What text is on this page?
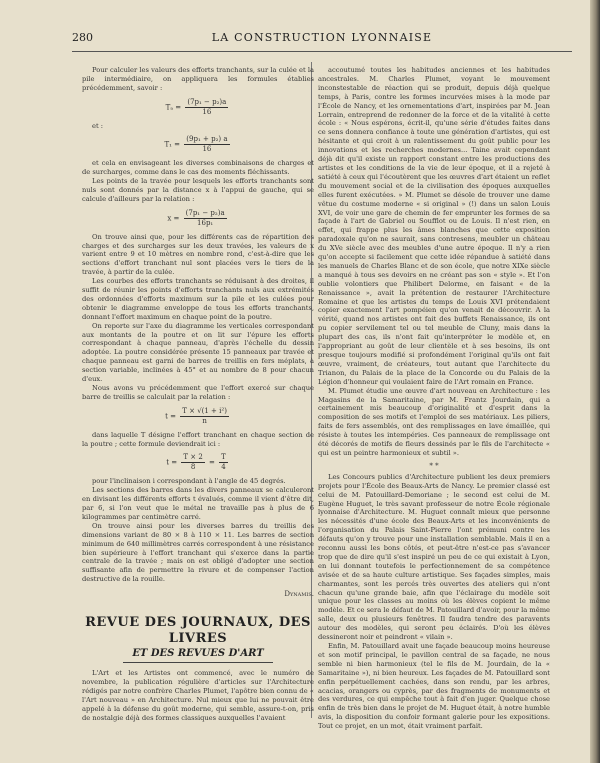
280	LA CONSTRUCTION LYONNAISE

Pour calculer les valeurs des efforts tranchants, sur la culée et la pile intermédiaire, on appliquera les formules établies précédemment, savoir :

$T_a = \frac{\text{(7p₁ − p₂)a}}{16}$

et :

$T_1 = \frac{\text{(9p₁ + p₂) a}}{16}$

et cela en envisageant les diverses combinaisons de charges et de surcharges, comme dans le cas des moments fléchissants.

Les points de la travée pour lesquels les efforts tranchants sont nuls sont donnés par la distance x à l'appui de gauche, qui se calcule d'ailleurs par la relation :

$x = \frac{\text{(7p₁ − p₂)a}}{\text{16p₁}}$

On trouve ainsi que, pour les différents cas de répartition des charges et des surcharges sur les deux travées, les valeurs de x varient entre 9 et 10 mètres en nombre rond, c'est-à-dire que les sections d'effort tranchant nul sont placées vers le tiers de la travée, à partir de la culée.

Les courbes des efforts tranchants se réduisant à des droites, il suffit de réunir les points d'efforts tranchants nuls aux extrémités des ordonnées d'efforts maximum sur la pile et les culées pour obtenir le diagramme enveloppe de tous les efforts tranchants, donnant l'effort maximum en chaque point de la poutre.

On reporte sur l'axe du diagramme les verticales correspondant aux montants de la poutre et on lit sur l'épure les efforts correspondant à chaque panneau, d'après l'échelle du dessin adoptée. La poutre considérée présente 15 panneaux par travée et chaque panneau est garni de barres de treillis en fers méplats, à section variable, inclinées à 45° et au nombre de 8 pour chacun d'eux.

Nous avons vu précédemment que l'effort exercé sur chaque barre de treillis se calculait par la relation :

$t = \frac{\text{T × √(1 + i²)}}{n}$

dans laquelle T désigne l'effort tranchant en chaque section de la poutre ; cette formule deviendrait ici :

$t = \frac{T \times 2}{8} = \frac{T}{4}$

pour l'inclinaison i correspondant à l'angle de 45 degrés.

Les sections des barres dans les divers panneaux se calculeront en divisant les différents efforts t évalués, comme il vient d'être dit, par 6, si l'on veut que le métal ne travaille pas à plus de 6 kilogrammes par centimètre carré.

On trouve ainsi pour les diverses barres du treillis des dimensions variant de 80 × 8 à 110 × 11. Les barres de section minimum de 640 millimètres carrés correspondent à une résistance bien supérieure à l'effort tranchant qui s'exerce dans la partie centrale de la travée ; mais on est obligé d'adopter une section suffisante afin de permettre la rivure et de compenser l'action destructive de la rouille.

Dynamis.
REVUE DES JOURNAUX, DES LIVRES
ET DES REVUES D'ART

L'Art et les Artistes ont commencé, avec le numéro de novembre, la publication régulière d'articles sur l'Architecture rédigés par notre confrère Charles Plumet, l'apôtre bien connu de « l'Art nouveau » en Architecture. Nul mieux que lui ne pouvait être appelé à la défense du goût moderne, qui semble, assure-t-on, pris de nostalgie déjà des formes classiques auxquelles l'avaient

accoutumé toutes les habitudes anciennes et les habitudes ancestrales. M. Charles Plumet, voyant le mouvement inconstestable de réaction qui se produit, depuis déjà quelque temps, à Paris, contre les formes incurvées mises à la mode par l'École de Nancy, et les ornementations d'art, inspirées par M. Jean Lorrain, entreprend de redonner de la force et de la vitalité à cette école : « Nous espérons, écrit-il, qu'une série d'études faites dans ce sens donnera confiance à toute une génération d'artistes, qui est hésitante et qui croit à un ralentissement du goût public pour les innovations et les recherches modernes... Taine avait cependant déjà dit qu'il existe un rapport constant entre les productions des artistes et les conditions de la vie de leur époque, et il a rejeté à satiété à ceux qui l'écoutèrent que les œuvres d'art étaient un reflet du mouvement social et de la civilisation des époques auxquelles elles furent exécutées. » M. Plumet se désole de trouver une dame vêtue du costume moderne « si original » (!) dans un salon Louis XVI, de voir une gare de chemin de fer emprunter les formes de sa façade à l'art de Gabriel ou Soufflot ou de Louis. Il n'est rien, en effet, qui frappe plus les âmes blanches que cette exposition paradoxale qu'on ne saurait, sans contresens, meubler un château du XVe siècle avec des meubles d'une autre époque. Il n'y a rien qu'on accepte si facilement que cette idée répandue à satiété dans les manuels de Charles Blanc et de son école, que notre XIXe siècle a manqué à tous ses devoirs en ne créant pas son « style ». Et l'on oublie volontiers que Philibert Delorme, en faisant « de la Renaissance », avait la prétention de restaurer l'Architecture Romaine et que les artistes du temps de Louis XVI prétendaient copier exactement l'art pompéien qu'on venait de découvrir. A la vérité, quand nos artistes ont fait des buffets Renaissance, ils ont pu copier servilement tel ou tel meuble de Cluny, mais dans la plupart des cas, ils n'ont fait qu'interpréter le modèle et, en l'appropriant au goût de leur clientèle et à ses besoins, ils ont presque toujours modifié si profondément l'original qu'ils ont fait œuvre, vraiment, de créateurs, tout autant que l'architecte du Trianon, du Palais de la place de la Concorde ou du Palais de la Légion d'honneur qui voulaient faire de l'Art romain en France.

M. Plumet étudie une œuvre d'art nouveau en Architecture : les Magasins de la Samaritaine, par M. Frantz Jourdain, qui a certainement mis beaucoup d'originalité et d'esprit dans la composition de ses motifs et l'emploi de ses matériaux. Les piliers, faits de fers assemblés, ont des remplissages en lave émaillée, qui résiste à toutes les intempéries. Ces panneaux de remplissage ont été décorés de motifs de fleurs dessinés par le fils de l'architecte « qui est un peintre harmonieux et subtil ».

* *

Les Concours publics d'Architecture publient les deux premiers projets pour l'École des Beaux-Arts de Nancy. Le premier classé est celui de M. Patouillard-Demoriane ; le second est celui de M. Eugène Huguet, le très savant professeur de notre École régionale lyonnaise d'Architecture. M. Huguet connaît mieux que personne les nécessités d'une école des Beaux-Arts et les inconvénients de l'organisation du Palais Saint-Pierre l'ont prémuni contre les défauts qu'on y trouve pour une installation semblable. Mais il en a reconnu aussi les bons côtés, et peut-être n'est-ce pas s'avancer trop que de dire qu'il s'est inspiré un peu de ce qui existait à Lyon, en lui donnant toutefois le perfectionnement de sa compétence avisée et de sa haute culture artistique. Ses façades simples, mais charmantes, sont les percés très ouvertes des ateliers qui n'ont chacun qu'une grande baie, afin que l'éclairage du modèle soit unique pour les classes au moins où les élèves copient le même modèle. Et ce sera le défaut de M. Patouillard d'avoir, pour la même salle, deux ou plusieurs fenêtres. Il faudra tendre des paravents autour des modèles, qui seront peu éclairés. D'où les élèves dessineront noir et peindront « vilain ».

Enfin, M. Patouillard avait une façade beaucoup moins heureuse et son motif principal, le pavillon central de sa façade, ne nous semble ni bien harmonieux (tel le fils de M. Jourdain, de la « Samaritaine »), ni bien heureux. Les façades de M. Patouillard sont enfin perpétuellement cachées, dans son rendu, par les arbres, acacias, orangers ou cyprès, par des fragments de monuments et des verdures, ce qui empêche tout à fait d'en juger. Quelque chose enfin de très bien dans le projet de M. Huguet était, à notre humble avis, la disposition du confoir formant galerie pour les expositions. Tout ce projet, en un mot, était vraiment parfait.
